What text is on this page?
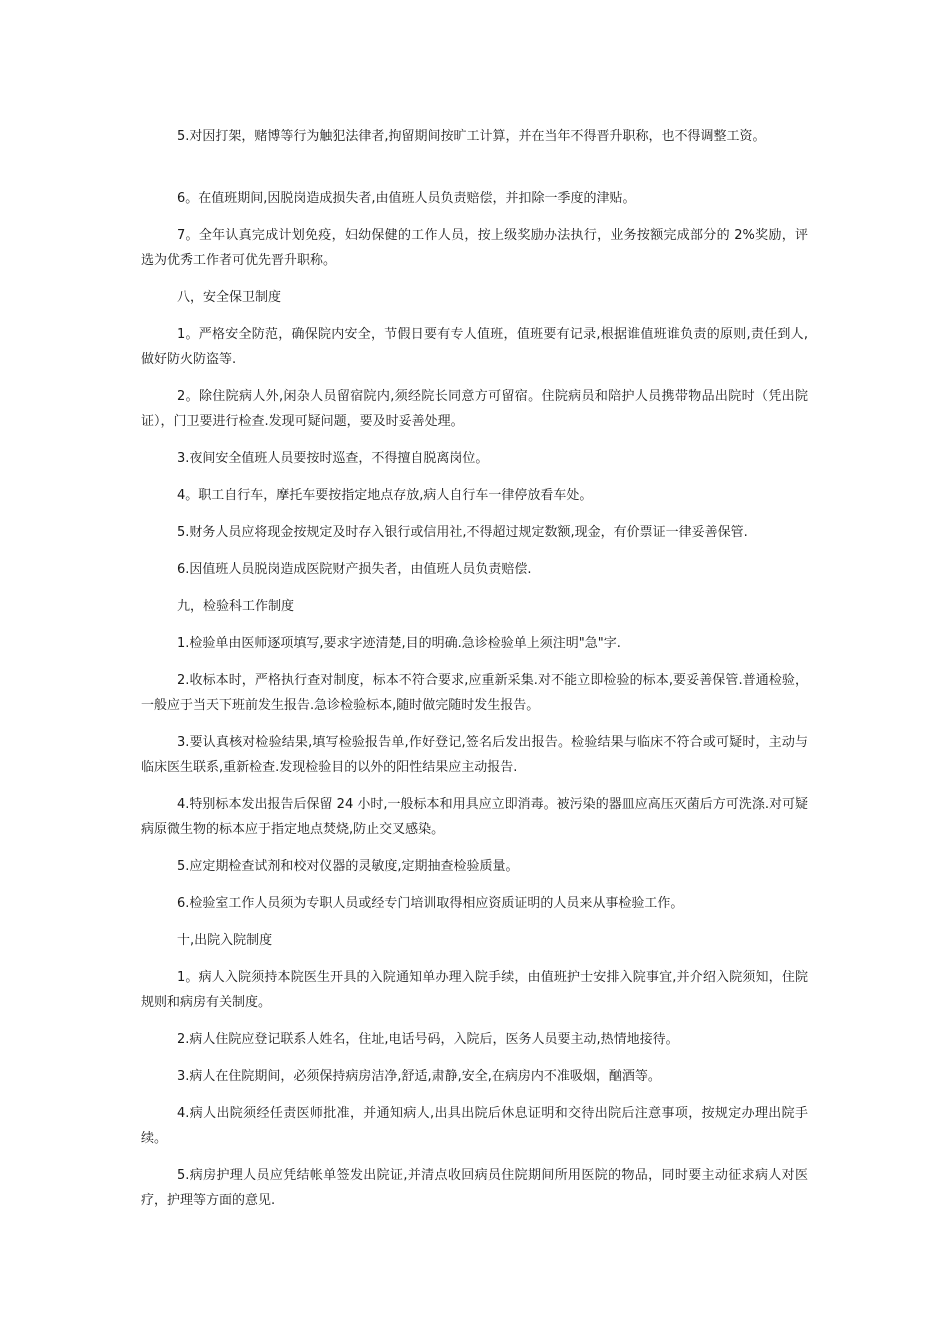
5.对因打架，赌博等行为触犯法律者,拘留期间按旷工计算，并在当年不得晋升职称，也不得调整工资。

6。在值班期间,因脱岗造成损失者,由值班人员负责赔偿，并扣除一季度的津贴。

7。全年认真完成计划免疫，妇幼保健的工作人员，按上级奖励办法执行，业务按额完成部分的 2%奖励，评选为优秀工作者可优先晋升职称。

八，安全保卫制度

1。严格安全防范，确保院内安全，节假日要有专人值班，值班要有记录,根据谁值班谁负责的原则,责任到人,做好防火防盗等.

2。除住院病人外,闲杂人员留宿院内,须经院长同意方可留宿。住院病员和陪护人员携带物品出院时（凭出院证），门卫要进行检查.发现可疑问题，要及时妥善处理。

3.夜间安全值班人员要按时巡查，不得擅自脱离岗位。

4。职工自行车，摩托车要按指定地点存放,病人自行车一律停放看车处。

5.财务人员应将现金按规定及时存入银行或信用社,不得超过规定数额,现金，有价票证一律妥善保管.

6.因值班人员脱岗造成医院财产损失者，由值班人员负责赔偿.

九，检验科工作制度

1.检验单由医师逐项填写,要求字迹清楚,目的明确.急诊检验单上须注明"急"字.

2.收标本时，严格执行查对制度，标本不符合要求,应重新采集.对不能立即检验的标本,要妥善保管.普通检验，一般应于当天下班前发生报告.急诊检验标本,随时做完随时发生报告。

3.要认真核对检验结果,填写检验报告单,作好登记,签名后发出报告。检验结果与临床不符合或可疑时，主动与临床医生联系,重新检查.发现检验目的以外的阳性结果应主动报告.

4.特别标本发出报告后保留 24 小时,一般标本和用具应立即消毒。被污染的器皿应高压灭菌后方可洗涤.对可疑病原微生物的标本应于指定地点焚烧,防止交叉感染。

5.应定期检查试剂和校对仪器的灵敏度,定期抽查检验质量。

6.检验室工作人员须为专职人员或经专门培训取得相应资质证明的人员来从事检验工作。

十,出院入院制度

1。病人入院须持本院医生开具的入院通知单办理入院手续，由值班护士安排入院事宜,并介绍入院须知，住院规则和病房有关制度。

2.病人住院应登记联系人姓名，住址,电话号码，入院后，医务人员要主动,热情地接待。

3.病人在住院期间，必须保持病房洁净,舒适,肃静,安全,在病房内不准吸烟，酗酒等。

4.病人出院须经任责医师批准，并通知病人,出具出院后休息证明和交待出院后注意事项，按规定办理出院手续。

5.病房护理人员应凭结帐单签发出院证,并清点收回病员住院期间所用医院的物品，同时要主动征求病人对医疗，护理等方面的意见.
